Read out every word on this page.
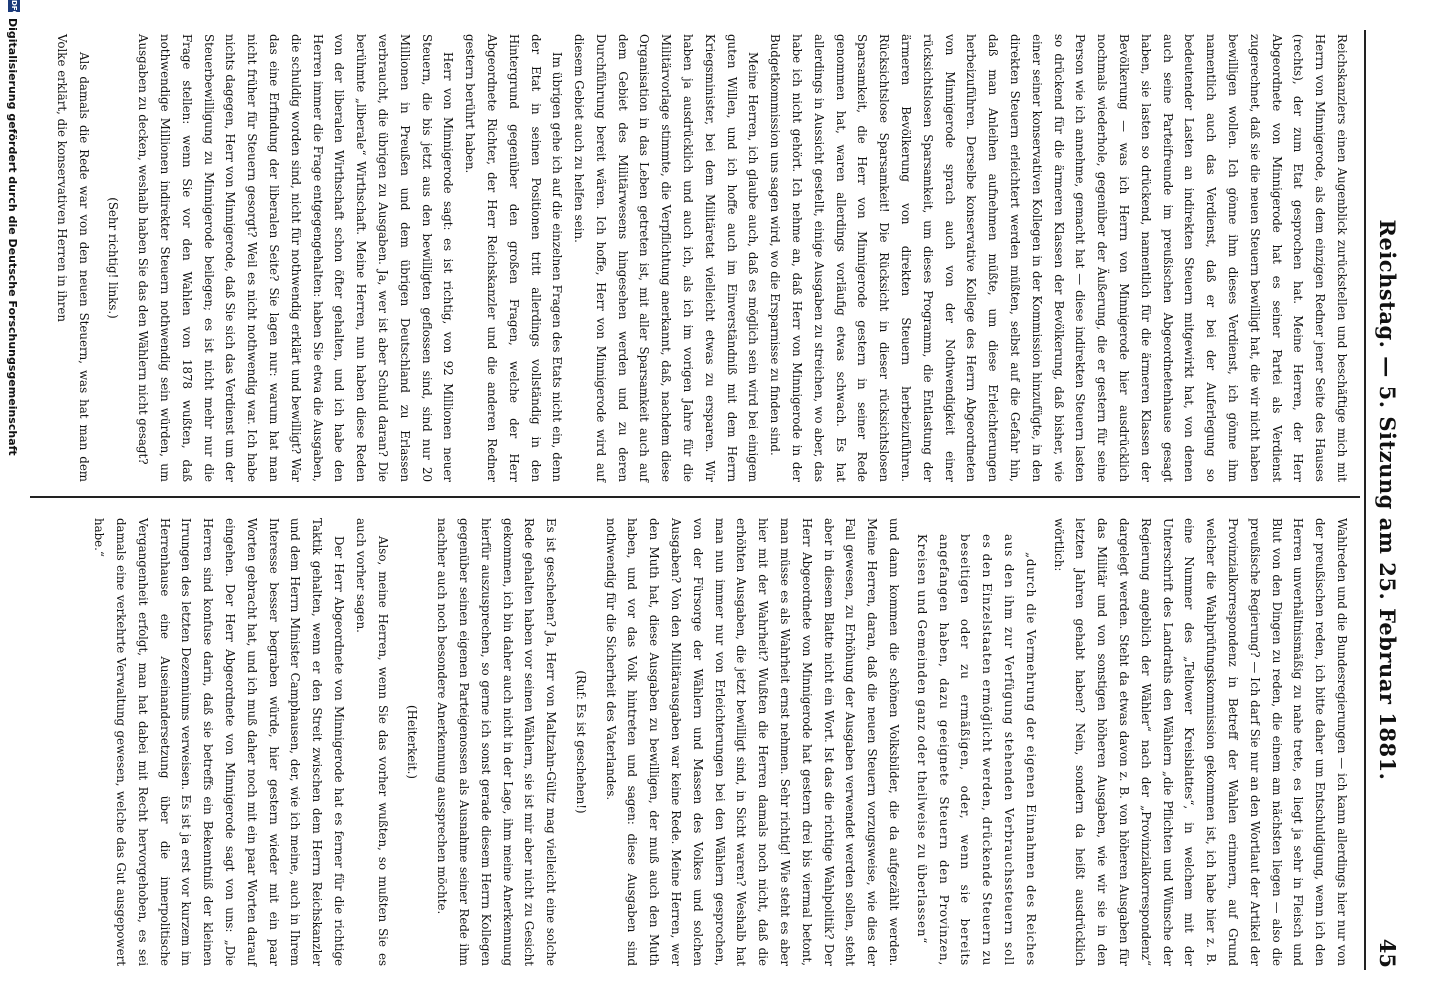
Reichstag. — 5. Sitzung am 25. Februar 1881.
45

Reichskanzlers einen Augenblick zurückstellen und beschäftige mich mit Herrn von Minnigerode, als dem einzigen Redner jener Seite des Hauses (rechts), der zum Etat gesprochen hat. Meine Herren, der Herr Abgeordnete von Minnigerode hat es seiner Partei als Verdienst zugerechnet, daß sie die neuen Steuern bewilligt hat, die wir nicht haben bewilligen wollen. Ich gönne ihm dieses Verdienst, ich gönne ihm namentlich auch das Verdienst, daß er bei der Auferlegung so bedeutender Lasten an indirekten Steuern mitgewirkt hat, von denen auch seine Parteifreunde im preußischen Abgeordnetenhause gesagt haben, sie lasten so drückend, namentlich für die ärmeren Klassen der Bevölkerung — was ich Herrn von Minnigerode hier ausdrücklich nochmals wiederhole, gegenüber der Äußerung, die er gestern für seine Person wie ich annehme, gemacht hat — diese indirekten Steuern lasten so drückend für die ärmeren Klassen der Bevölkerung, daß bisher, wie einer seiner konservativen Kollegen in der Kommission hinzufügte, in den direkten Steuern erleichtert werden müßten, selbst auf die Gefahr hin, daß man Anleihen aufnehmen müßte, um diese Erleichterungen herbeizuführen. Derselbe konservative Kollege des Herrn Abgeordneten von Minnigerode sprach auch von der Nothwendigkeit einer rücksichtslosen Sparsamkeit, um dieses Programm, die Entlastung der ärmeren Bevölkerung von direkten Steuern herbeizuführen. Rücksichtslose Sparsamkeit! Die Rücksicht in dieser rücksichtslosen Sparsamkeit, die Herr von Minnigerode gestern in seiner Rede genommen hat, waren allerdings vorläufig etwas schwach. Es hat allerdings in Aussicht gestellt, einige Ausgaben zu streichen, wo aber, das habe ich nicht gehört. Ich nehme an, daß Herr von Minnigerode in der Budgetkommission uns sagen wird, wo die Ersparnisse zu finden sind.

Meine Herren, ich glaube auch, daß es möglich sein wird bei einigem guten Willen, und ich hoffe auch im Einverständniß mit dem Herrn Kriegsminister, bei dem Militäretat vielleicht etwas zu ersparen. Wir haben ja ausdrücklich und auch ich, als ich im vorigen Jahre für die Militärvorlage stimmte, die Verpflichtung anerkannt, daß, nachdem diese Organisation in das Leben getreten ist, mit aller Sparsamkeit auch auf dem Gebiet des Militärwesens hingesehen werden und zu deren Durchführung bereit wären. Ich hoffe, Herr von Minnigerode wird auf diesem Gebiet auch zu helfen sein.

Im übrigen gehe ich auf die einzelnen Fragen des Etats nicht ein, denn der Etat in seinen Positionen tritt allerdings vollständig in den Hintergrund gegenüber den großen Fragen, welche der Herr Abgeordnete Richter, der Herr Reichskanzler und die anderen Redner gestern berührt haben.

Herr von Minnigerode sagt: es ist richtig, von 92 Millionen neuer Steuern, die bis jetzt aus den bewilligten geflossen sind, sind nur 20 Millionen in Preußen und dem übrigen Deutschland zu Erlassen verbraucht, die übrigen zu Ausgaben. Ja, wer ist aber Schuld daran? Die berühmte „liberale“ Wirthschaft. Meine Herren, nun haben diese Reden von der liberalen Wirthschaft schon öfter gehalten, und ich habe den Herren immer die Frage entgegengehalten: haben Sie etwa die Ausgaben, die schuldig worden sind, nicht für nothwendig erklärt und bewilligt? War das eine Erfindung der liberalen Seite? Sie lagen nur: warum hat man nicht früher für Steuern gesorgt? Weil es nicht nothwendig war. Ich habe nichts dagegen, Herr von Minnigerode, daß Sie sich das Verdienst um der Steuerbewilligung zu Minnigerode beilegen; es ist nicht mehr nur die Frage stellen: wenn Sie vor den Wahlen von 1878 wußten, daß nothwendige Millionen indirekter Steuern nothwendig sein würden, um Ausgaben zu decken, weshalb haben Sie das den Wählern nicht gesagt?

(Sehr richtig! links.)

Als damals die Rede war von den neuen Steuern, was hat man dem Volke erklärt, die konservativen Herren in ihren

Wahlreden und die Bundesregierungen — ich kann allerdings hier nur von der preußischen reden, ich bitte daher um Entschuldigung, wenn ich den Herren unverhältnismäßig zu nahe trete, es liegt ja sehr in Fleisch und Blut von den Dingen zu reden, die einem am nächsten liegen — also die preußische Regierung? — Ich darf Sie nur an den Wortlaut der Artikel der Provinzialkorrespondenz in Betreff der Wahlen erinnern, auf Grund welcher die Wahlprüfungskommission gekommen ist, ich habe hier z. B. eine Nummer des „Teltower Kreisblattes“, in welchem mit der Unterschrift des Landraths den Wählern „die Pflichten und Wünsche der Regierung angeblich der Wähler“ nach der „Provinzialkorrespondenz“ dargelegt werden. Steht da etwas davon z. B. von höheren Ausgaben für das Militär und von sonstigen höheren Ausgaben, wie wir sie in den letzten Jahren gehabt haben? Nein, sondern da heißt ausdrücklich wörtlich:

„durch die Vermehrung der eigenen Einnahmen des Reiches aus den ihm zur Verfügung stehenden Verbrauchssteuern soll es den Einzelstaaten ermöglicht werden, drückende Steuern zu beseitigen oder zu ermäßigen, oder, wenn sie bereits angefangen haben, dazu geeignete Steuern den Provinzen, Kreisen und Gemeinden ganz oder theilweise zu überlassen“

und dann kommen die schönen Volksbilder, die da aufgezählt werden. Meine Herren, daran, daß die neuen Steuern vorzugsweise, wie dies der Fall gewesen, zu Erhöhung der Ausgaben verwendet werden sollen, steht aber in diesem Blatte nicht ein Wort. Ist das die richtige Wahlpolitik? Der Herr Abgeordnete von Minnigerode hat gestern drei bis viermal betont, man müsse es als Wahrheit ernst nehmen. Sehr richtig! Wie steht es aber hier mit der Wahrheit? Wußten die Herren damals noch nicht, daß die erhöhten Ausgaben, die jetzt bewilligt sind, in Sicht waren? Weshalb hat man nun immer nur von Erleichterungen bei den Wählern gesprochen, von der Fürsorge der Wählern und Massen des Volkes und solchen Ausgaben? Von den Militärausgaben war keine Rede. Meine Herren, wer den Muth hat, diese Ausgaben zu bewilligen, der muß auch den Muth haben, und vor das Volk hintreten und sagen: diese Ausgaben sind nothwendig für die Sicherheit des Vaterlandes.

(Ruf: Es ist geschehen!)

Es ist geschehen? Ja, Herr von Maltzahn-Gültz mag vielleicht eine solche Rede gehalten haben vor seinen Wählern, sie ist mir aber nicht zu Gesicht gekommen, ich bin daher auch nicht in der Lage, ihm meine Anerkennung hierfür auszusprechen, so gerne ich sonst gerade diesem Herrn Kollegen gegenüber seinen eigenen Parteigenossen als Ausnahme seiner Rede ihm nachher auch noch besondere Anerkennung aussprechen möchte.

(Heiterkeit.)

Also, meine Herren, wenn Sie das vorher wußten, so mußten Sie es auch vorher sagen.

Der Herr Abgeordnete von Minnigerode hat es ferner für die richtige Taktik gehalten, wenn er den Streit zwischen dem Herrn Reichskanzler und dem Herrn Minister Camphausen, der, wie ich meine, auch in Ihrem Interesse besser begraben würde, hier gestern wieder mit ein paar Worten gebracht hat, und ich muß daher noch mit ein paar Worten darauf eingehen. Der Herr Abgeordnete von Minnigerode sagt von uns: „Die Herren sind konfuse darin, daß sie betreffs ein Bekenntniß der kleinen Irrungen des letzten Dezenniums verweisen. Es ist ja erst vor kurzem im Herrenhause eine Auseinandersetzung über die innerpolitische Vergangenheit erfolgt, man hat dabei mit Recht hervorgehoben, es sei damals eine verkehrte Verwaltung gewesen, welche das Gut ausgepowert habe.“

DFG
Digitalisierung gefördert durch die Deutsche Forschungsgemeinschaft
